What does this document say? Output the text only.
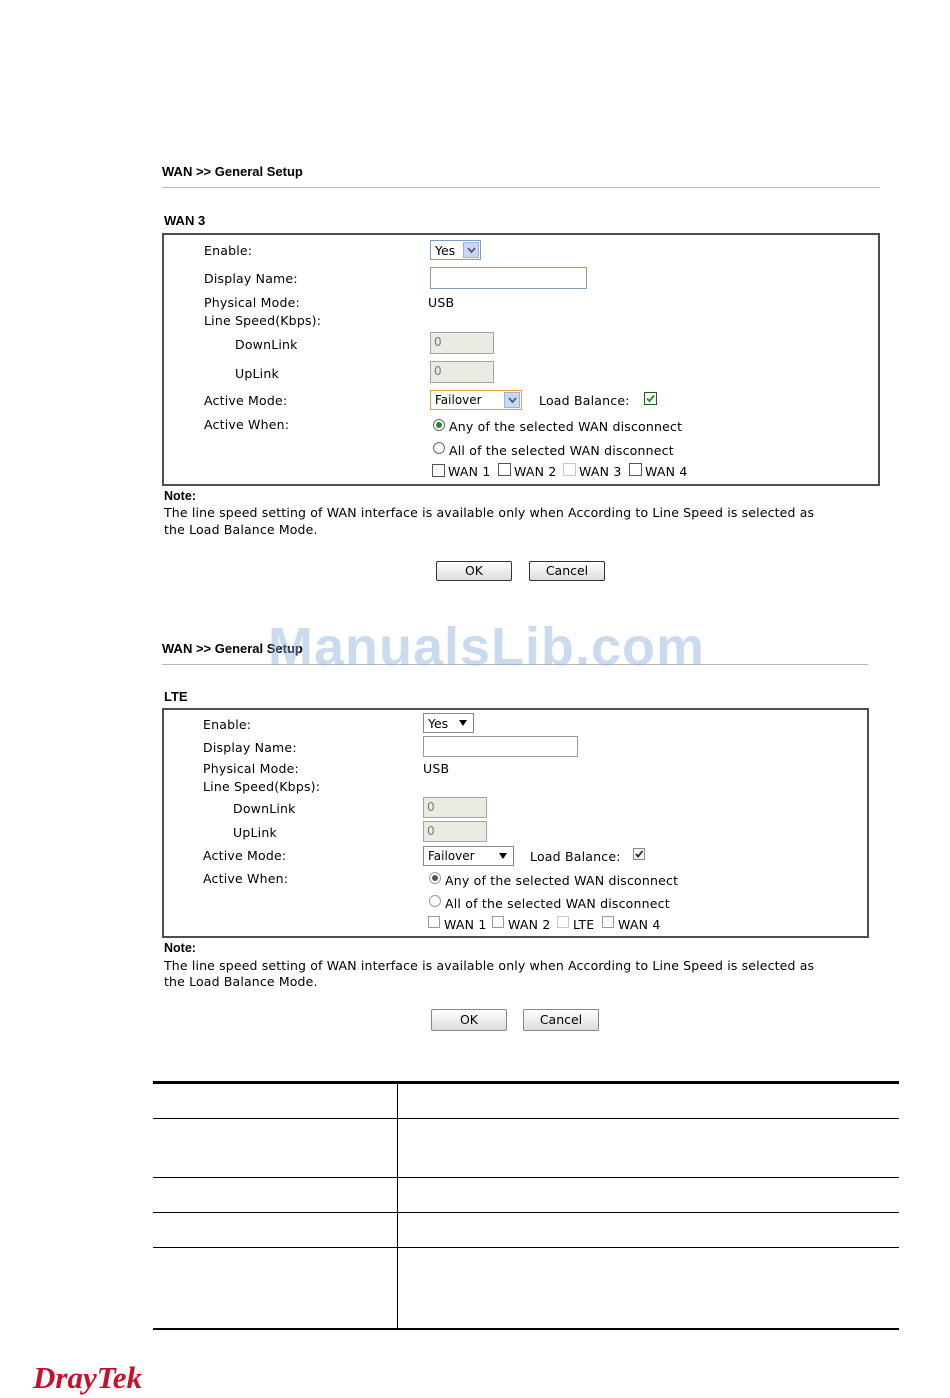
WAN >> General Setup
WAN 3
Enable:	Yes
Display Name:
Physical Mode:	USB
Line Speed(Kbps):
DownLink	0
UpLink	0
Active Mode:	Failover	Load Balance:
Active When:	Any of the selected WAN disconnect
All of the selected WAN disconnect
WAN 1 WAN 2 WAN 3 WAN 4
Note:
The line speed setting of WAN interface is available only when According to Line Speed is selected as
the Load Balance Mode.
OK	Cancel
WAN >> General Setup
ManualsLib.com
LTE
Enable:	Yes
Display Name:
Physical Mode:	USB
Line Speed(Kbps):
DownLink	0
UpLink	0
Active Mode:	Failover	Load Balance:
Active When:	Any of the selected WAN disconnect
All of the selected WAN disconnect
WAN 1 WAN 2 LTE WAN 4
Note:
The line speed setting of WAN interface is available only when According to Line Speed is selected as
the Load Balance Mode.
OK	Cancel
DrayTek
